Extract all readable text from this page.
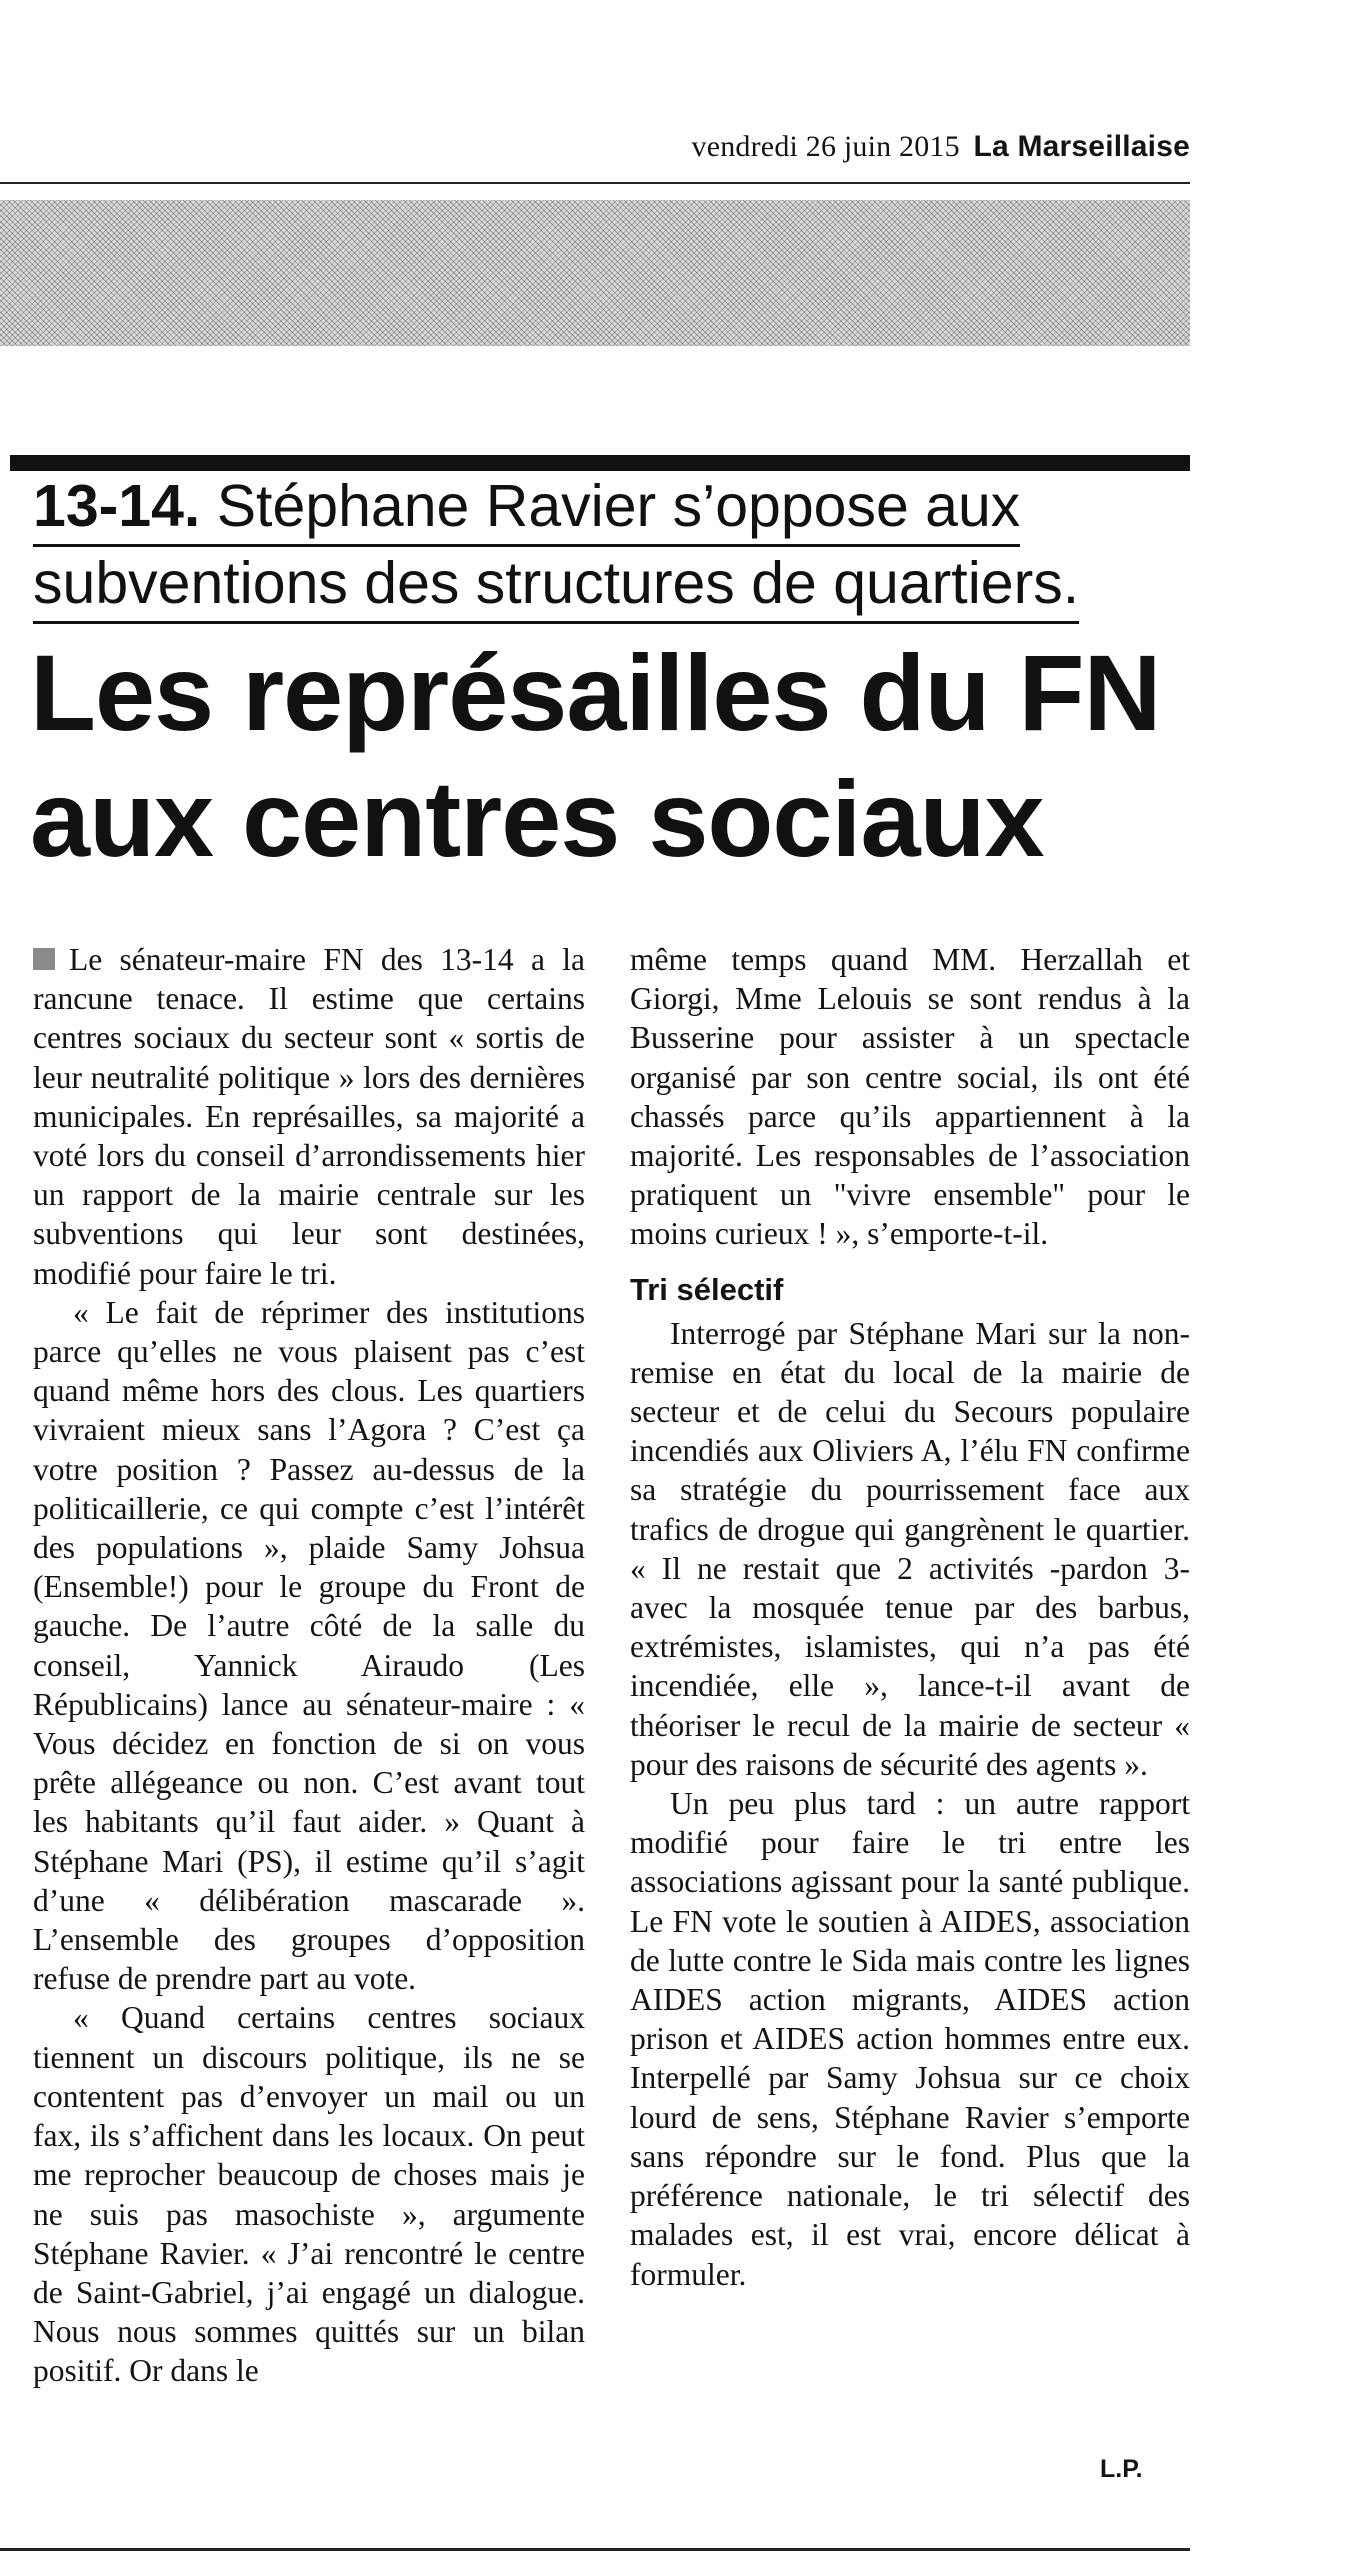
vendredi 26 juin 2015 La Marseillaise
13-14. Stéphane Ravier s’oppose aux
subventions des structures de quartiers.
Les représailles du FN aux centres sociaux

Le sénateur-maire FN des 13-14 a la rancune tenace. Il estime que certains centres sociaux du secteur sont « sortis de leur neutralité politique » lors des dernières municipales. En représailles, sa majorité a voté lors du conseil d’arrondissements hier un rapport de la mairie centrale sur les subventions qui leur sont destinées, modifié pour faire le tri.

« Le fait de réprimer des institutions parce qu’elles ne vous plaisent pas c’est quand même hors des clous. Les quartiers vivraient mieux sans l’Agora ? C’est ça votre position ? Passez au-dessus de la politicaillerie, ce qui compte c’est l’intérêt des populations », plaide Samy Johsua (Ensemble!) pour le groupe du Front de gauche. De l’autre côté de la salle du conseil, Yannick Airaudo (Les Républicains) lance au sénateur-maire : « Vous décidez en fonction de si on vous prête allégeance ou non. C’est avant tout les habitants qu’il faut aider. » Quant à Stéphane Mari (PS), il estime qu’il s’agit d’une « délibération mascarade ». L’ensemble des groupes d’opposition refuse de prendre part au vote.

« Quand certains centres sociaux tiennent un discours politique, ils ne se contentent pas d’envoyer un mail ou un fax, ils s’affichent dans les locaux. On peut me reprocher beaucoup de choses mais je ne suis pas masochiste », argumente Stéphane Ravier. « J’ai rencontré le centre de Saint-Gabriel, j’ai engagé un dialogue. Nous nous sommes quittés sur un bilan positif. Or dans le

même temps quand MM. Herzallah et Giorgi, Mme Lelouis se sont rendus à la Busserine pour assister à un spectacle organisé par son centre social, ils ont été chassés parce qu’ils appartiennent à la majorité. Les responsables de l’association pratiquent un "vivre ensemble" pour le moins curieux ! », s’emporte-t-il.

Tri sélectif

Interrogé par Stéphane Mari sur la non-remise en état du local de la mairie de secteur et de celui du Secours populaire incendiés aux Oliviers A, l’élu FN confirme sa stratégie du pourrissement face aux trafics de drogue qui gangrènent le quartier. « Il ne restait que 2 activités -pardon 3- avec la mosquée tenue par des barbus, extrémistes, islamistes, qui n’a pas été incendiée, elle », lance-t-il avant de théoriser le recul de la mairie de secteur « pour des raisons de sécurité des agents ».

Un peu plus tard : un autre rapport modifié pour faire le tri entre les associations agissant pour la santé publique. Le FN vote le soutien à AIDES, association de lutte contre le Sida mais contre les lignes AIDES action migrants, AIDES action prison et AIDES action hommes entre eux. Interpellé par Samy Johsua sur ce choix lourd de sens, Stéphane Ravier s’emporte sans répondre sur le fond. Plus que la préférence nationale, le tri sélectif des malades est, il est vrai, encore délicat à formuler.

L.P.
